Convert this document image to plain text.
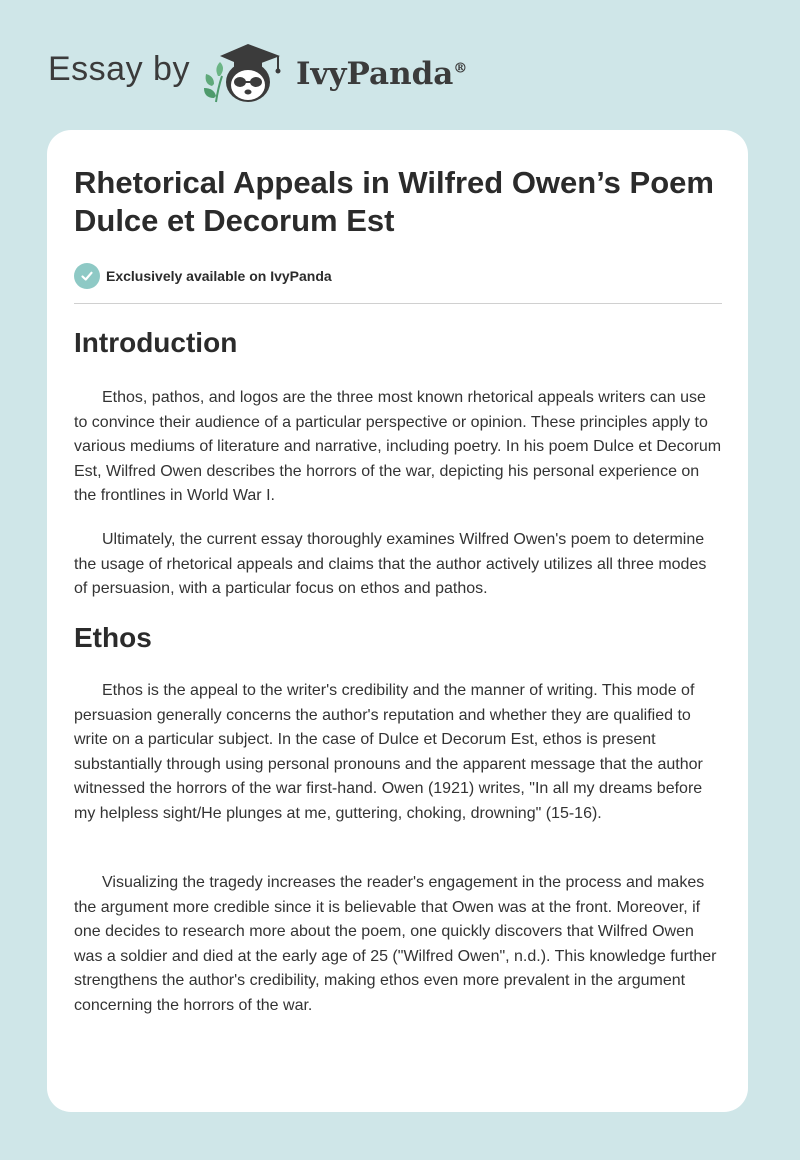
Essay by	IvyPanda®
Rhetorical Appeals in Wilfred Owen’s Poem Dulce et Decorum Est
Exclusively available on IvyPanda
Introduction

Ethos, pathos, and logos are the three most known rhetorical appeals writers can use to convince their audience of a particular perspective or opinion. These principles apply to various mediums of literature and narrative, including poetry. In his poem Dulce et Decorum Est, Wilfred Owen describes the horrors of the war, depicting his personal experience on the frontlines in World War I.

Ultimately, the current essay thoroughly examines Wilfred Owen's poem to determine the usage of rhetorical appeals and claims that the author actively utilizes all three modes of persuasion, with a particular focus on ethos and pathos.

Ethos

Ethos is the appeal to the writer's credibility and the manner of writing. This mode of persuasion generally concerns the author's reputation and whether they are qualified to write on a particular subject. In the case of Dulce et Decorum Est, ethos is present substantially through using personal pronouns and the apparent message that the author witnessed the horrors of the war first-hand. Owen (1921) writes, "In all my dreams before my helpless sight/He plunges at me, guttering, choking, drowning" (15-16).

Visualizing the tragedy increases the reader's engagement in the process and makes the argument more credible since it is believable that Owen was at the front. Moreover, if one decides to research more about the poem, one quickly discovers that Wilfred Owen was a soldier and died at the early age of 25 ("Wilfred Owen", n.d.). This knowledge further strengthens the author's credibility, making ethos even more prevalent in the argument concerning the horrors of the war.
